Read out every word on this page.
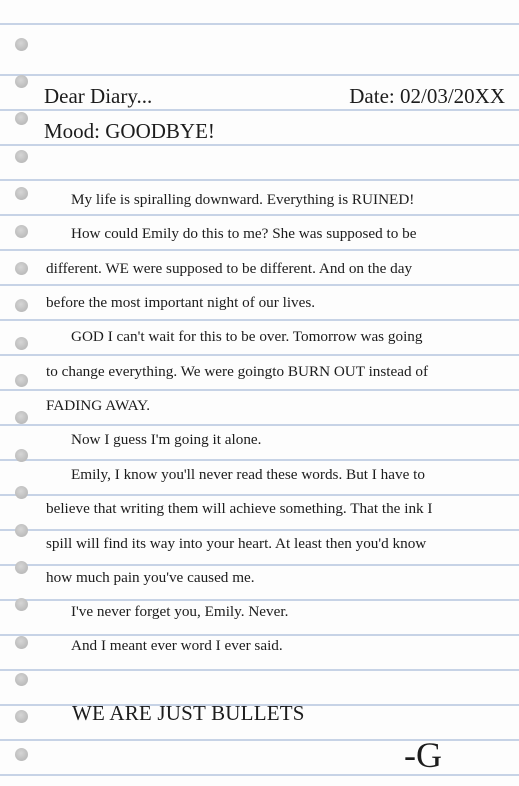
Dear Diary...	Date: 02/03/20XX
Mood: GOODBYE!
My life is spiralling downward. Everything is RUINED!
How could Emily do this to me? She was supposed to be
different. WE were supposed to be different. And on the day
before the most important night of our lives.
GOD I can't wait for this to be over. Tomorrow was going
to change everything. We were goingto BURN OUT instead of
FADING AWAY.
Now I guess I'm going it alone.
Emily, I know you'll never read these words. But I have to
believe that writing them will achieve something. That the ink I
spill will find its way into your heart. At least then you'd know
how much pain you've caused me.
I've never forget you, Emily. Never.
And I meant ever word I ever said.
WE ARE JUST BULLETS
-G
